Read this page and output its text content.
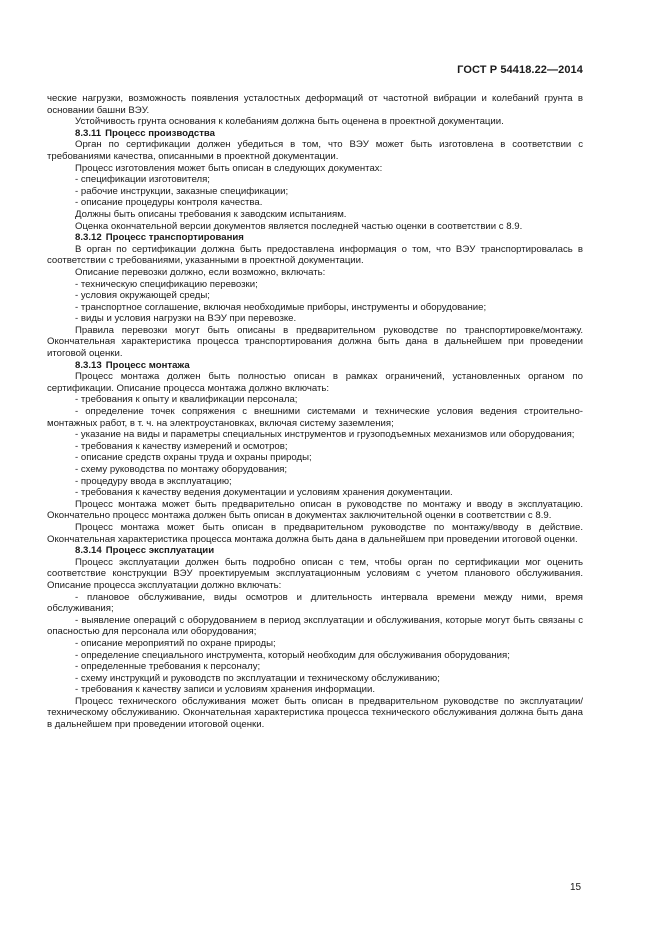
ГОСТ Р 54418.22—2014

ческие нагрузки, возможность появления усталостных деформаций от частотной вибрации и колебаний грунта в основании башни ВЭУ.

Устойчивость грунта основания к колебаниям должна быть оценена в проектной документации.

8.3.11 Процесс производства

Орган по сертификации должен убедиться в том, что ВЭУ может быть изготовлена в соответствии с требованиями качества, описанными в проектной документации.

Процесс изготовления может быть описан в следующих документах:

- спецификации изготовителя;

- рабочие инструкции, заказные спецификации;

- описание процедуры контроля качества.

Должны быть описаны требования к заводским испытаниям.

Оценка окончательной версии документов является последней частью оценки в соответствии с 8.9.

8.3.12 Процесс транспортирования

В орган по сертификации должна быть предоставлена информация о том, что ВЭУ транспортировалась в соответствии с требованиями, указанными в проектной документации.

Описание перевозки должно, если возможно, включать:

- техническую спецификацию перевозки;

- условия окружающей среды;

- транспортное соглашение, включая необходимые приборы, инструменты и оборудование;

- виды и условия нагрузки на ВЭУ при перевозке.

Правила перевозки могут быть описаны в предварительном руководстве по транспортировке/монтажу. Окончательная характеристика процесса транспортирования должна быть дана в дальнейшем при проведении итоговой оценки.

8.3.13 Процесс монтажа

Процесс монтажа должен быть полностью описан в рамках ограничений, установленных органом по сертификации. Описание процесса монтажа должно включать:

- требования к опыту и квалификации персонала;

- определение точек сопряжения с внешними системами и технические условия ведения строительно-монтажных работ, в т. ч. на электроустановках, включая систему заземления;

- указание на виды и параметры специальных инструментов и грузоподъемных механизмов или оборудования;

- требования к качеству измерений и осмотров;

- описание средств охраны труда и охраны природы;

- схему руководства по монтажу оборудования;

- процедуру ввода в эксплуатацию;

- требования к качеству ведения документации и условиям хранения документации.

Процесс монтажа может быть предварительно описан в руководстве по монтажу и вводу в эксплуатацию. Окончательно процесс монтажа должен быть описан в документах заключительной оценки в соответствии с 8.9.

Процесс монтажа может быть описан в предварительном руководстве по монтажу/вводу в действие. Окончательная характеристика процесса монтажа должна быть дана в дальнейшем при проведении итоговой оценки.

8.3.14 Процесс эксплуатации

Процесс эксплуатации должен быть подробно описан с тем, чтобы орган по сертификации мог оценить соответствие конструкции ВЭУ проектируемым эксплуатационным условиям с учетом планового обслуживания. Описание процесса эксплуатации должно включать:

- плановое обслуживание, виды осмотров и длительность интервала времени между ними, время обслуживания;

- выявление операций с оборудованием в период эксплуатации и обслуживания, которые могут быть связаны с опасностью для персонала или оборудования;

- описание мероприятий по охране природы;

- определение специального инструмента, который необходим для обслуживания оборудования;

- определенные требования к персоналу;

- схему инструкций и руководств по эксплуатации и техническому обслуживанию;

- требования к качеству записи и условиям хранения информации.

Процесс технического обслуживания может быть описан в предварительном руководстве по эксплуатации/техническому обслуживанию. Окончательная характеристика процесса технического обслуживания должна быть дана в дальнейшем при проведении итоговой оценки.

15
